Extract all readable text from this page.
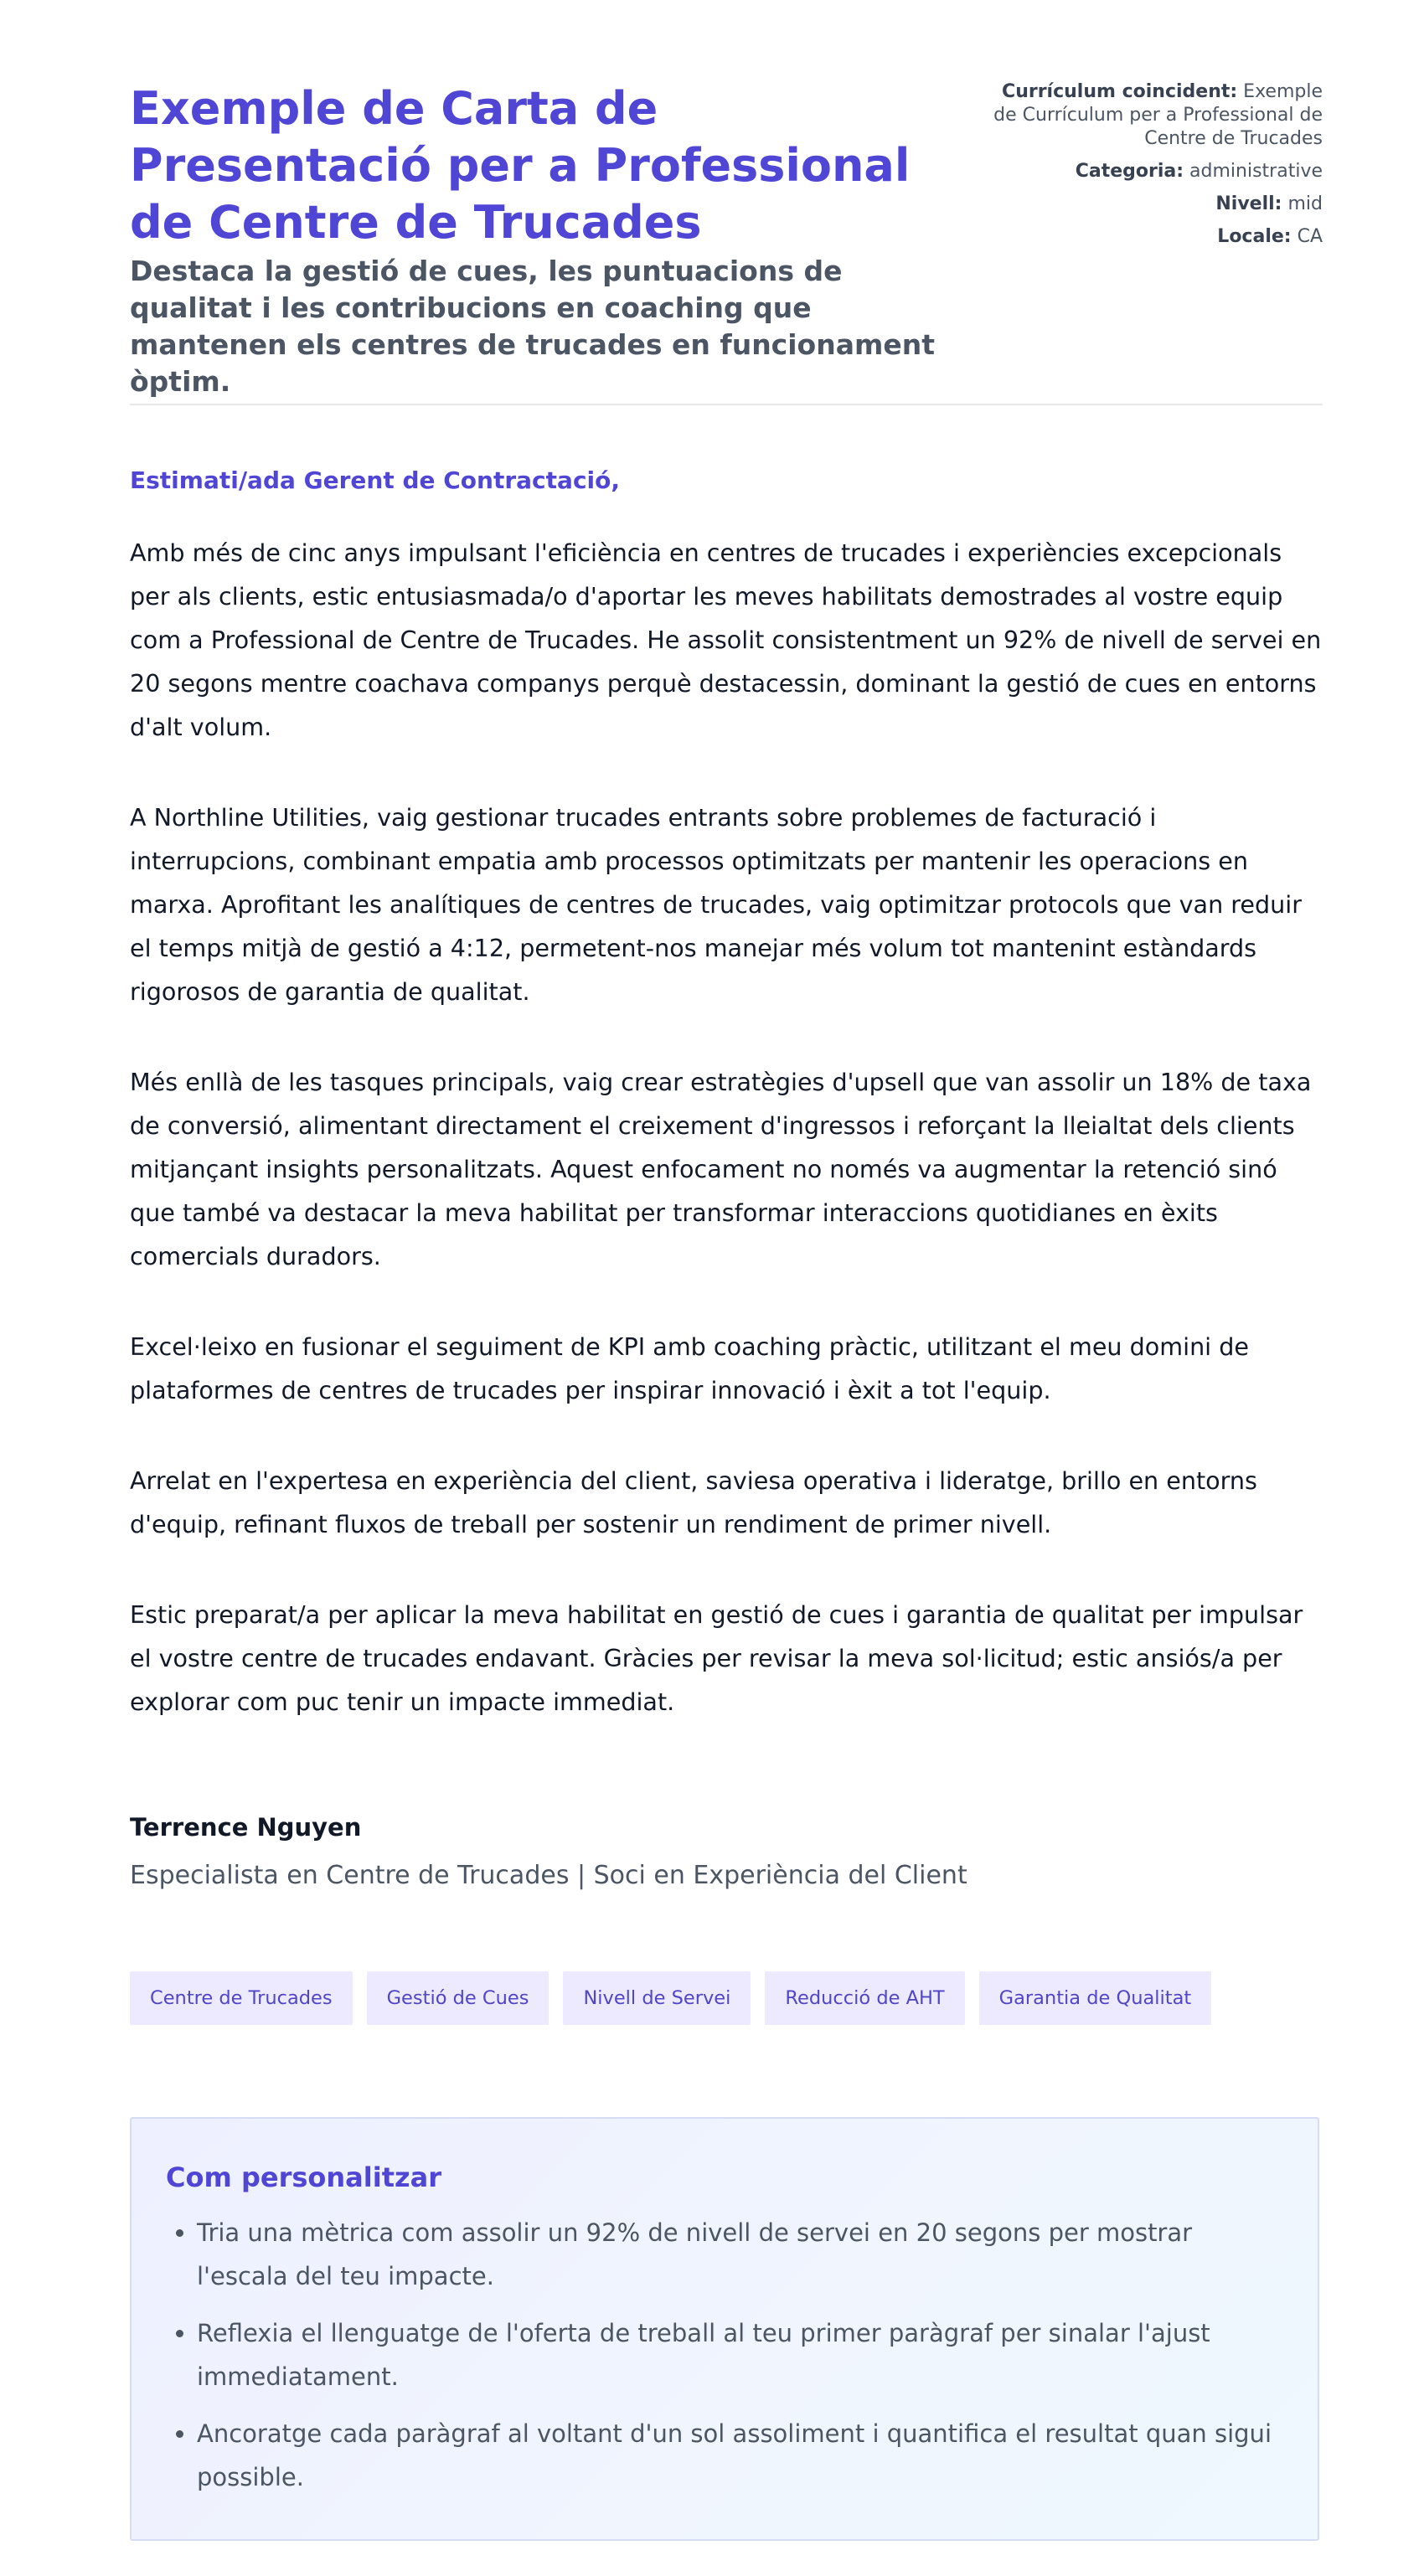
Exemple de Carta de Presentació per a Professional de Centre de Trucades

Destaca la gestió de cues, les puntuacions de qualitat i les contribucions en coaching que mantenen els centres de trucades en funcionament òptim.

Currículum coincident: Exemple de Currículum per a Professional de Centre de Trucades
Categoria: administrative
Nivell: mid
Locale: CA

Estimati/ada Gerent de Contractació,

Amb més de cinc anys impulsant l'eficiència en centres de trucades i experiències excepcionals per als clients, estic entusiasmada/o d'aportar les meves habilitats demostrades al vostre equip com a Professional de Centre de Trucades. He assolit consistentment un 92% de nivell de servei en 20 segons mentre coachava companys perquè destacessin, dominant la gestió de cues en entorns d'alt volum.

A Northline Utilities, vaig gestionar trucades entrants sobre problemes de facturació i interrupcions, combinant empatia amb processos optimitzats per mantenir les operacions en marxa. Aprofitant les analítiques de centres de trucades, vaig optimitzar protocols que van reduir el temps mitjà de gestió a 4:12, permetent-nos manejar més volum tot mantenint estàndards rigorosos de garantia de qualitat.

Més enllà de les tasques principals, vaig crear estratègies d'upsell que van assolir un 18% de taxa de conversió, alimentant directament el creixement d'ingressos i reforçant la lleialtat dels clients mitjançant insights personalitzats. Aquest enfocament no només va augmentar la retenció sinó que també va destacar la meva habilitat per transformar interaccions quotidianes en èxits comercials duradors.

Excel·leixo en fusionar el seguiment de KPI amb coaching pràctic, utilitzant el meu domini de plataformes de centres de trucades per inspirar innovació i èxit a tot l'equip.

Arrelat en l'expertesa en experiència del client, saviesa operativa i lideratge, brillo en entorns d'equip, refinant fluxos de treball per sostenir un rendiment de primer nivell.

Estic preparat/a per aplicar la meva habilitat en gestió de cues i garantia de qualitat per impulsar el vostre centre de trucades endavant. Gràcies per revisar la meva sol·licitud; estic ansiós/a per explorar com puc tenir un impacte immediat.

Terrence Nguyen
Especialista en Centre de Trucades | Soci en Experiència del Client
Centre de Trucades	Gestió de Cues	Nivell de Servei	Reducció de AHT	Garantia de Qualitat
Com personalitzar
• Tria una mètrica com assolir un 92% de nivell de servei en 20 segons per mostrar l'escala del teu impacte.
• Reflexia el llenguatge de l'oferta de treball al teu primer paràgraf per sinalar l'ajust immediatament.
• Ancoratge cada paràgraf al voltant d'un sol assoliment i quantifica el resultat quan sigui possible.
